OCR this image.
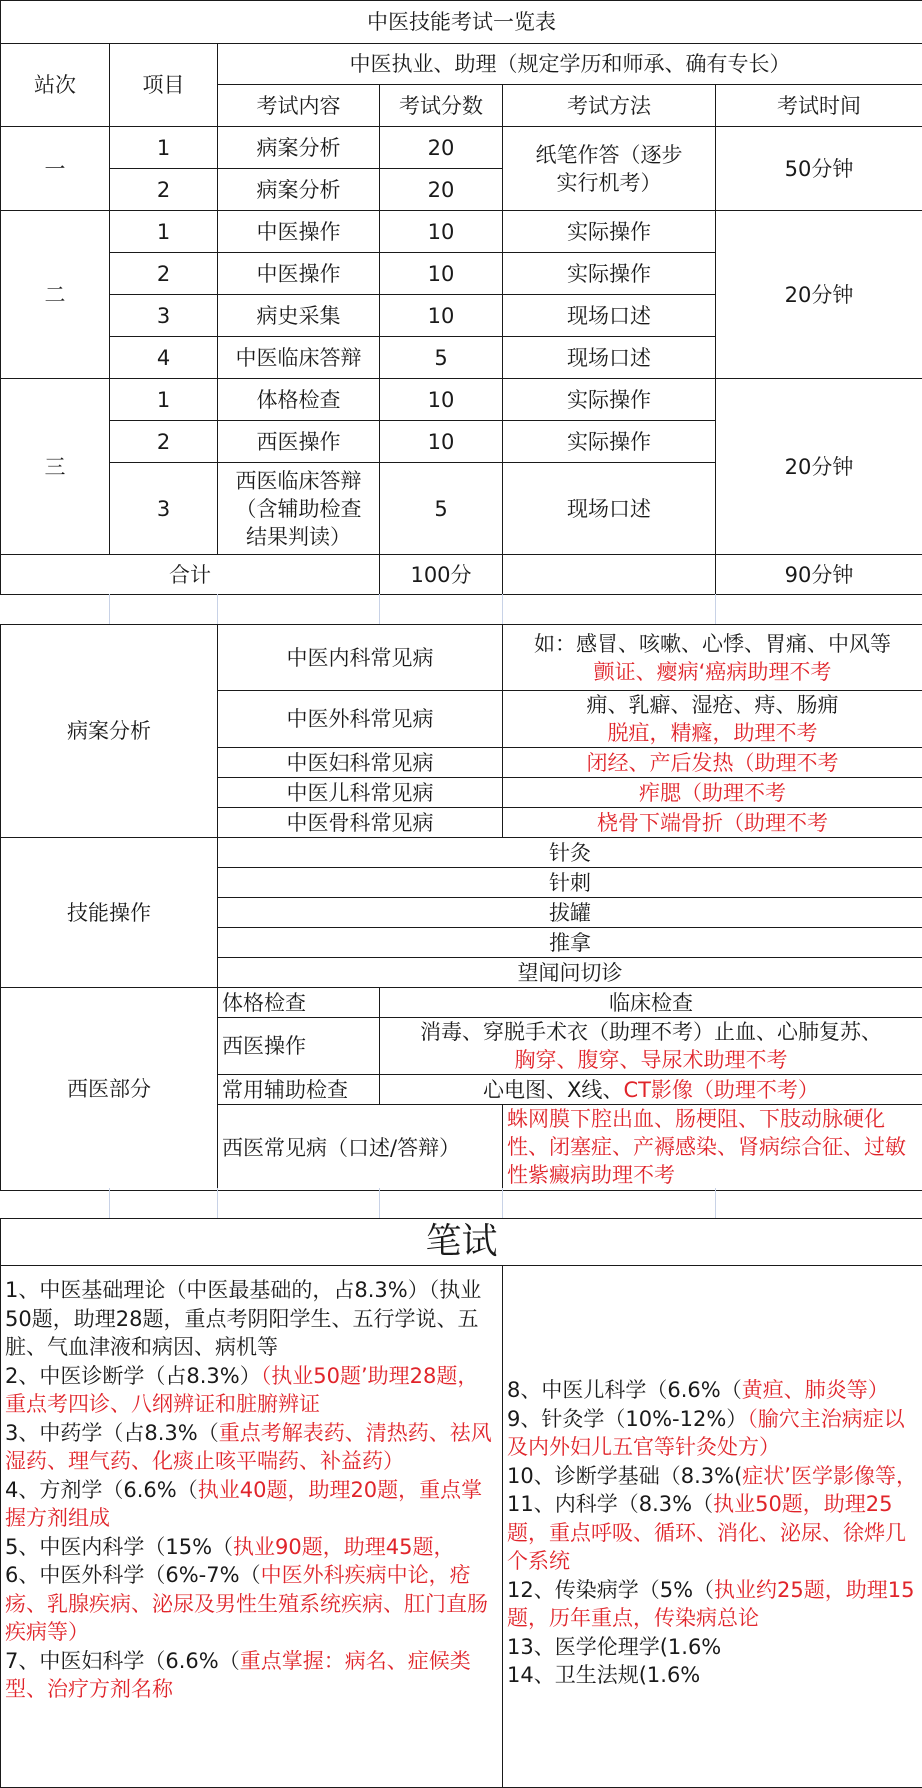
中医技能考试一览表					
站次	项目	中医执业、助理（规定学历和师承、确有专长）			
		考试内容	考试分数	考试方法	考试时间
一	1	病案分析	20	纸笔作答（逐步实行机考）	50分钟
	2	病案分析	20		
二	1	中医操作	10	实际操作	20分钟
	2	中医操作	10	实际操作	
	3	病史采集	10	现场口述	
	4	中医临床答辩	5	现场口述	
三	1	体格检查	10	实际操作	20分钟
	2	西医操作	10	实际操作	
	3	西医临床答辩（含辅助检查结果判读）	5	现场口述	
合计			100分		90分钟
病案分析	中医内科常见病		如：感冒、咳嗽、心悸、胃痛、中风等
颤证、瘿病‘癌病助理不考

	中医外科常见病		痈、乳癖、湿疮、痔、肠痈
脱疽，精癃，助理不考

	中医妇科常见病		闭经、产后发热（助理不考
	中医儿科常见病		痄腮（助理不考
	中医骨科常见病		桡骨下端骨折（助理不考
技能操作	针灸		
	针刺		
	拔罐		
	推拿		
	望闻问切诊		
西医部分	体格检查	临床检查	
	西医操作	消毒、穿脱手术衣（助理不考）止血、心肺复苏、
胸穿、腹穿、导尿术助理不考	

	常用辅助检查	心电图、X线、CT影像（助理不考）	
	西医常见病（口述/答辩）		蛛网膜下腔出血、肠梗阻、下肢动脉硬化性、闭塞症、产褥感染、肾病综合征、过敏性紫癜病助理不考
笔试

1、中医基础理论（中医最基础的，占8.3%）（执业50题，助理28题，重点考阴阳学生、五行学说、五脏、气血津液和病因、病机等
2、中医诊断学（占8.3%）（执业50题’助理28题，重点考四诊、八纲辨证和脏腑辨证
3、中药学（占8.3%（重点考解表药、清热药、祛风湿药、理气药、化痰止咳平喘药、补益药）
4、方剂学（6.6%（执业40题，助理20题，重点掌握方剂组成
5、中医内科学（15%（执业90题，助理45题，
6、中医外科学（6%-7%（中医外科疾病中论，疮疡、乳腺疾病、泌尿及男性生殖系统疾病、肛门直肠疾病等）
7、中医妇科学（6.6%（重点掌握：病名、症候类型、治疗方剂名称

8、中医儿科学（6.6%（黄疸、肺炎等）
9、针灸学（10%-12%）（腧穴主治病症以及内外妇儿五官等针灸处方）
10、诊断学基础（8.3%(症状’医学影像等，
11、内科学（8.3%（执业50题，助理25题，重点呼吸、循环、消化、泌尿、徐烨几个系统
12、传染病学（5%（执业约25题，助理15题，历年重点，传染病总论
13、医学伦理学(1.6%
14、卫生法规(1.6%
